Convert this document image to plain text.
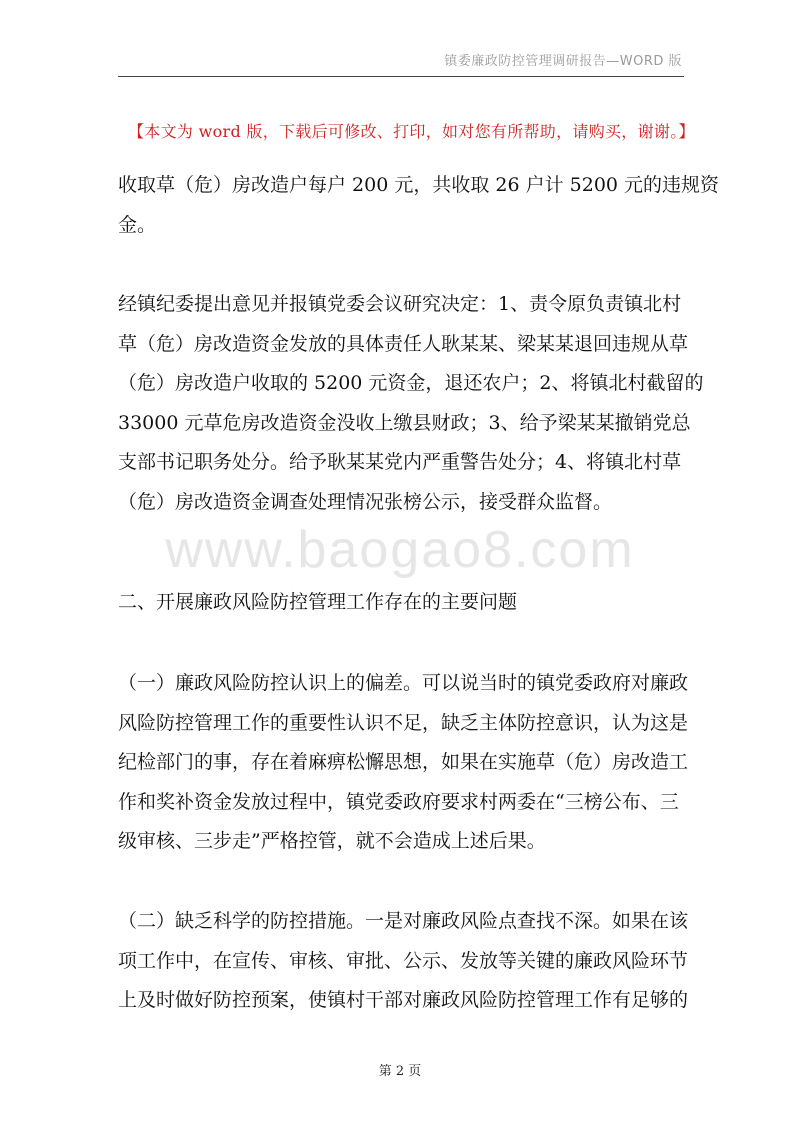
镇委廉政防控管理调研报告—WORD 版
【本文为 word 版，下载后可修改、打印，如对您有所帮助，请购买，谢谢。】
收取草（危）房改造户每户 200 元，共收取 26 户计 5200 元的违规资
金。
经镇纪委提出意见并报镇党委会议研究决定：1、责令原负责镇北村
草（危）房改造资金发放的具体责任人耿某某、梁某某退回违规从草
（危）房改造户收取的 5200 元资金，退还农户；2、将镇北村截留的
33000 元草危房改造资金没收上缴县财政；3、给予梁某某撤销党总
支部书记职务处分。给予耿某某党内严重警告处分；4、将镇北村草
（危）房改造资金调查处理情况张榜公示，接受群众监督。
www.baogao8.com
二、开展廉政风险防控管理工作存在的主要问题
（一）廉政风险防控认识上的偏差。可以说当时的镇党委政府对廉政
风险防控管理工作的重要性认识不足，缺乏主体防控意识，认为这是
纪检部门的事，存在着麻痹松懈思想，如果在实施草（危）房改造工
作和奖补资金发放过程中，镇党委政府要求村两委在“三榜公布、三
级审核、三步走”严格控管，就不会造成上述后果。
（二）缺乏科学的防控措施。一是对廉政风险点查找不深。如果在该
项工作中，在宣传、审核、审批、公示、发放等关键的廉政风险环节
上及时做好防控预案，使镇村干部对廉政风险防控管理工作有足够的
第 2 页
